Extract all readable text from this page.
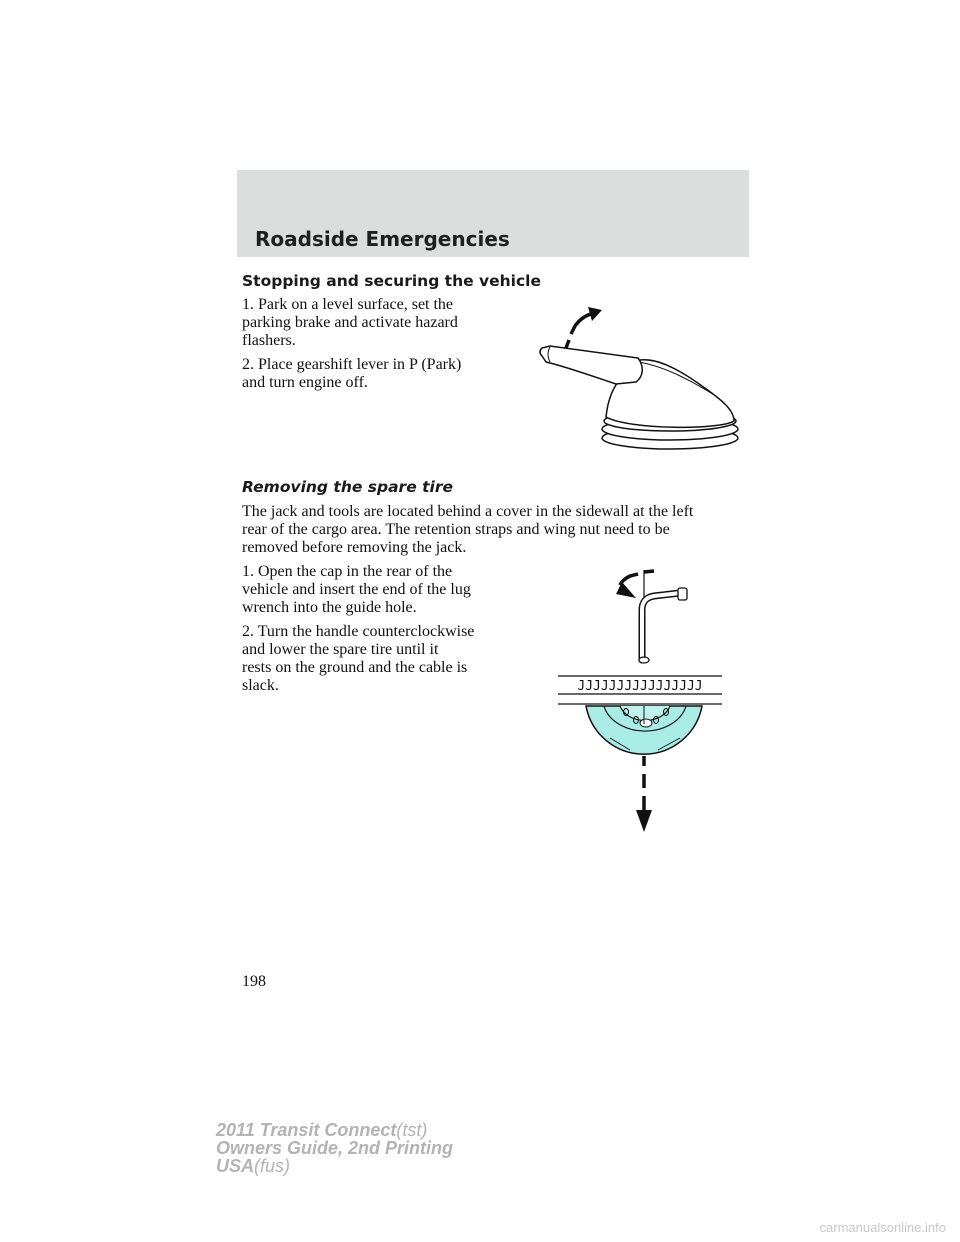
Roadside Emergencies
Stopping and securing the vehicle

1. Park on a level surface, set the
parking brake and activate hazard
flashers.

2. Place gearshift lever in P (Park)
and turn engine off.

Removing the spare tire

The jack and tools are located behind a cover in the sidewall at the left
rear of the cargo area. The retention straps and wing nut need to be
removed before removing the jack.

1. Open the cap in the rear of the
vehicle and insert the end of the lug
wrench into the guide hole.

2. Turn the handle counterclockwise
and lower the spare tire until it
rests on the ground and the cable is
slack.	JJJJJJJJJJJJJJJJ
198
2011 Transit Connect(tst)
Owners Guide, 2nd Printing
USA(fus)
carmanualsonline.info
